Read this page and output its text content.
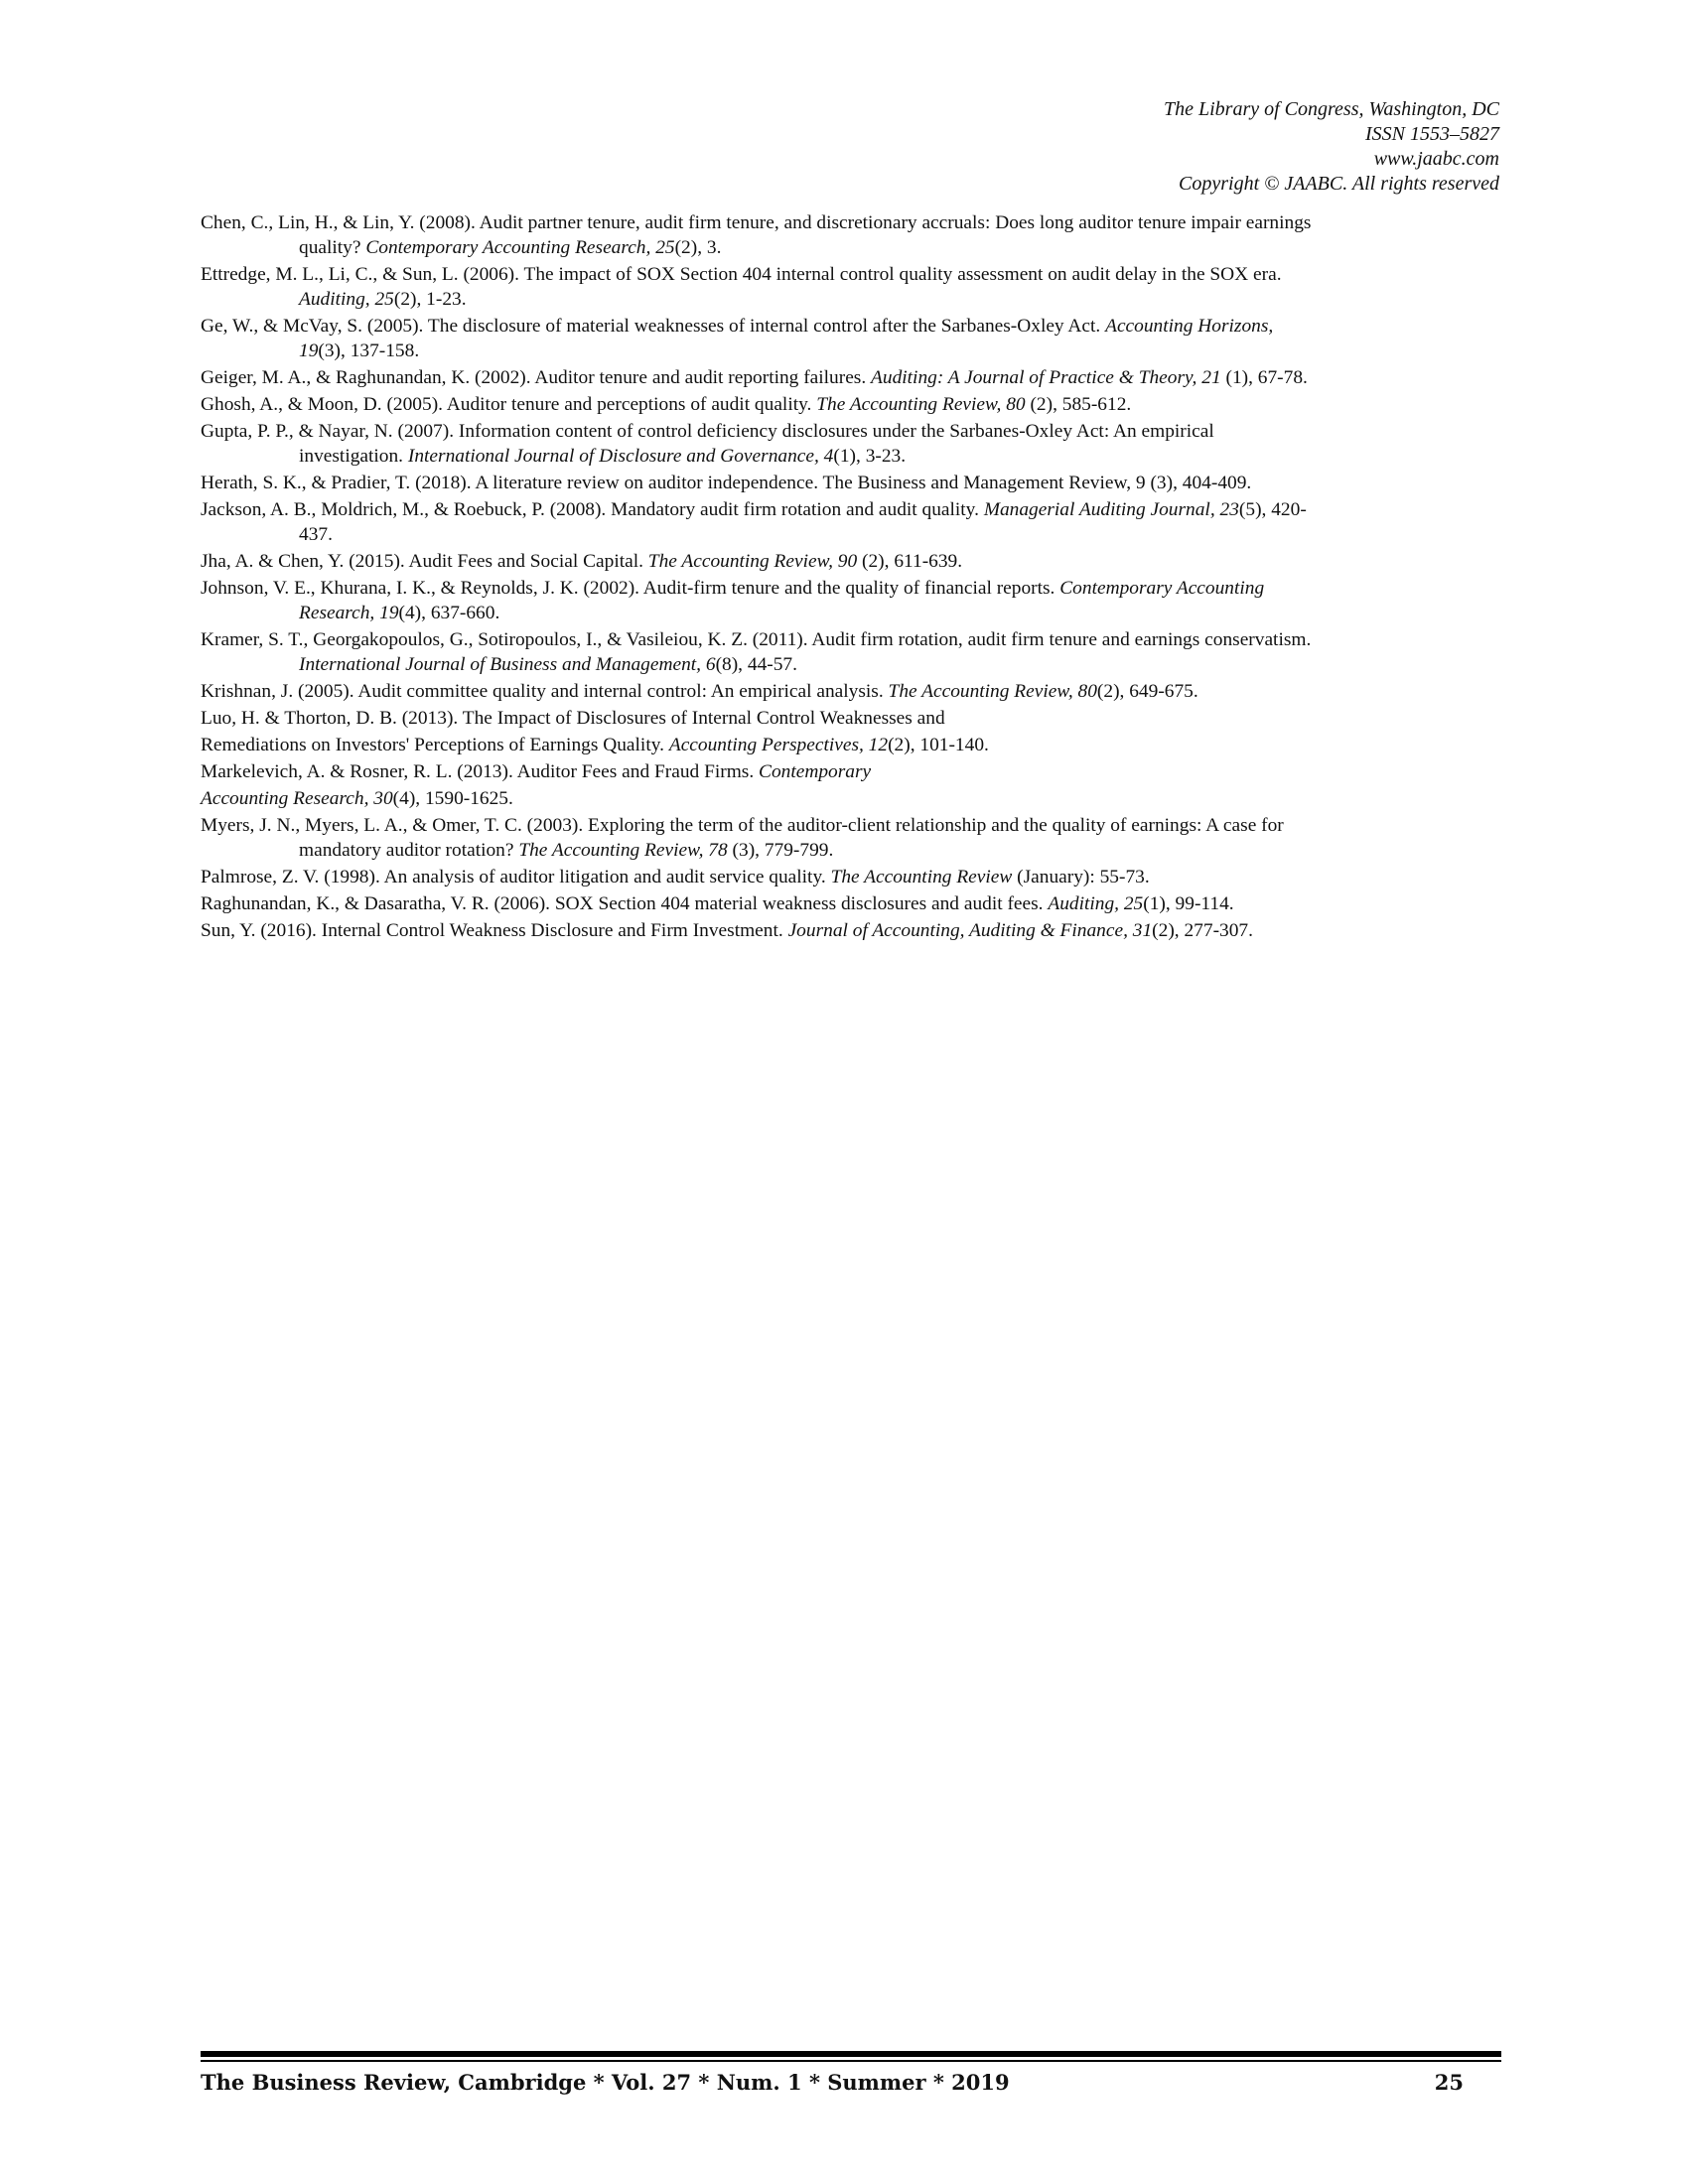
The Library of Congress, Washington, DC
ISSN 1553–5827
www.jaabc.com
Copyright © JAABC. All rights reserved
Chen, C., Lin, H., & Lin, Y. (2008). Audit partner tenure, audit firm tenure, and discretionary accruals: Does long auditor tenure impair earnings
quality? Contemporary Accounting Research, 25(2), 3.
Ettredge, M. L., Li, C., & Sun, L. (2006). The impact of SOX Section 404 internal control quality assessment on audit delay in the SOX era.
Auditing, 25(2), 1-23.
Ge, W., & McVay, S. (2005). The disclosure of material weaknesses of internal control after the Sarbanes-Oxley Act. Accounting Horizons,
19(3), 137-158.
Geiger, M. A., & Raghunandan, K. (2002). Auditor tenure and audit reporting failures. Auditing: A Journal of Practice & Theory, 21 (1), 67-78.
Ghosh, A., & Moon, D. (2005). Auditor tenure and perceptions of audit quality. The Accounting Review, 80 (2), 585-612.
Gupta, P. P., & Nayar, N. (2007). Information content of control deficiency disclosures under the Sarbanes-Oxley Act: An empirical
investigation. International Journal of Disclosure and Governance, 4(1), 3-23.
Herath, S. K., & Pradier, T. (2018). A literature review on auditor independence. The Business and Management Review, 9 (3), 404-409.
Jackson, A. B., Moldrich, M., & Roebuck, P. (2008). Mandatory audit firm rotation and audit quality. Managerial Auditing Journal, 23(5), 420-
437.
Jha, A. & Chen, Y. (2015). Audit Fees and Social Capital. The Accounting Review, 90 (2), 611-639.
Johnson, V. E., Khurana, I. K., & Reynolds, J. K. (2002). Audit-firm tenure and the quality of financial reports. Contemporary Accounting
Research, 19(4), 637-660.
Kramer, S. T., Georgakopoulos, G., Sotiropoulos, I., & Vasileiou, K. Z. (2011). Audit firm rotation, audit firm tenure and earnings conservatism.
International Journal of Business and Management, 6(8), 44-57.
Krishnan, J. (2005). Audit committee quality and internal control: An empirical analysis. The Accounting Review, 80(2), 649-675.
Luo, H. & Thorton, D. B. (2013). The Impact of Disclosures of Internal Control Weaknesses and
Remediations on Investors' Perceptions of Earnings Quality. Accounting Perspectives, 12(2), 101-140.
Markelevich, A. & Rosner, R. L. (2013). Auditor Fees and Fraud Firms. Contemporary
Accounting Research, 30(4), 1590-1625.
Myers, J. N., Myers, L. A., & Omer, T. C. (2003). Exploring the term of the auditor-client relationship and the quality of earnings: A case for
mandatory auditor rotation? The Accounting Review, 78 (3), 779-799.
Palmrose, Z. V. (1998). An analysis of auditor litigation and audit service quality. The Accounting Review (January): 55-73.
Raghunandan, K., & Dasaratha, V. R. (2006). SOX Section 404 material weakness disclosures and audit fees. Auditing, 25(1), 99-114.
Sun, Y. (2016). Internal Control Weakness Disclosure and Firm Investment. Journal of Accounting, Auditing & Finance, 31(2), 277-307.
The Business Review, Cambridge * Vol. 27 * Num. 1 * Summer * 2019	25
